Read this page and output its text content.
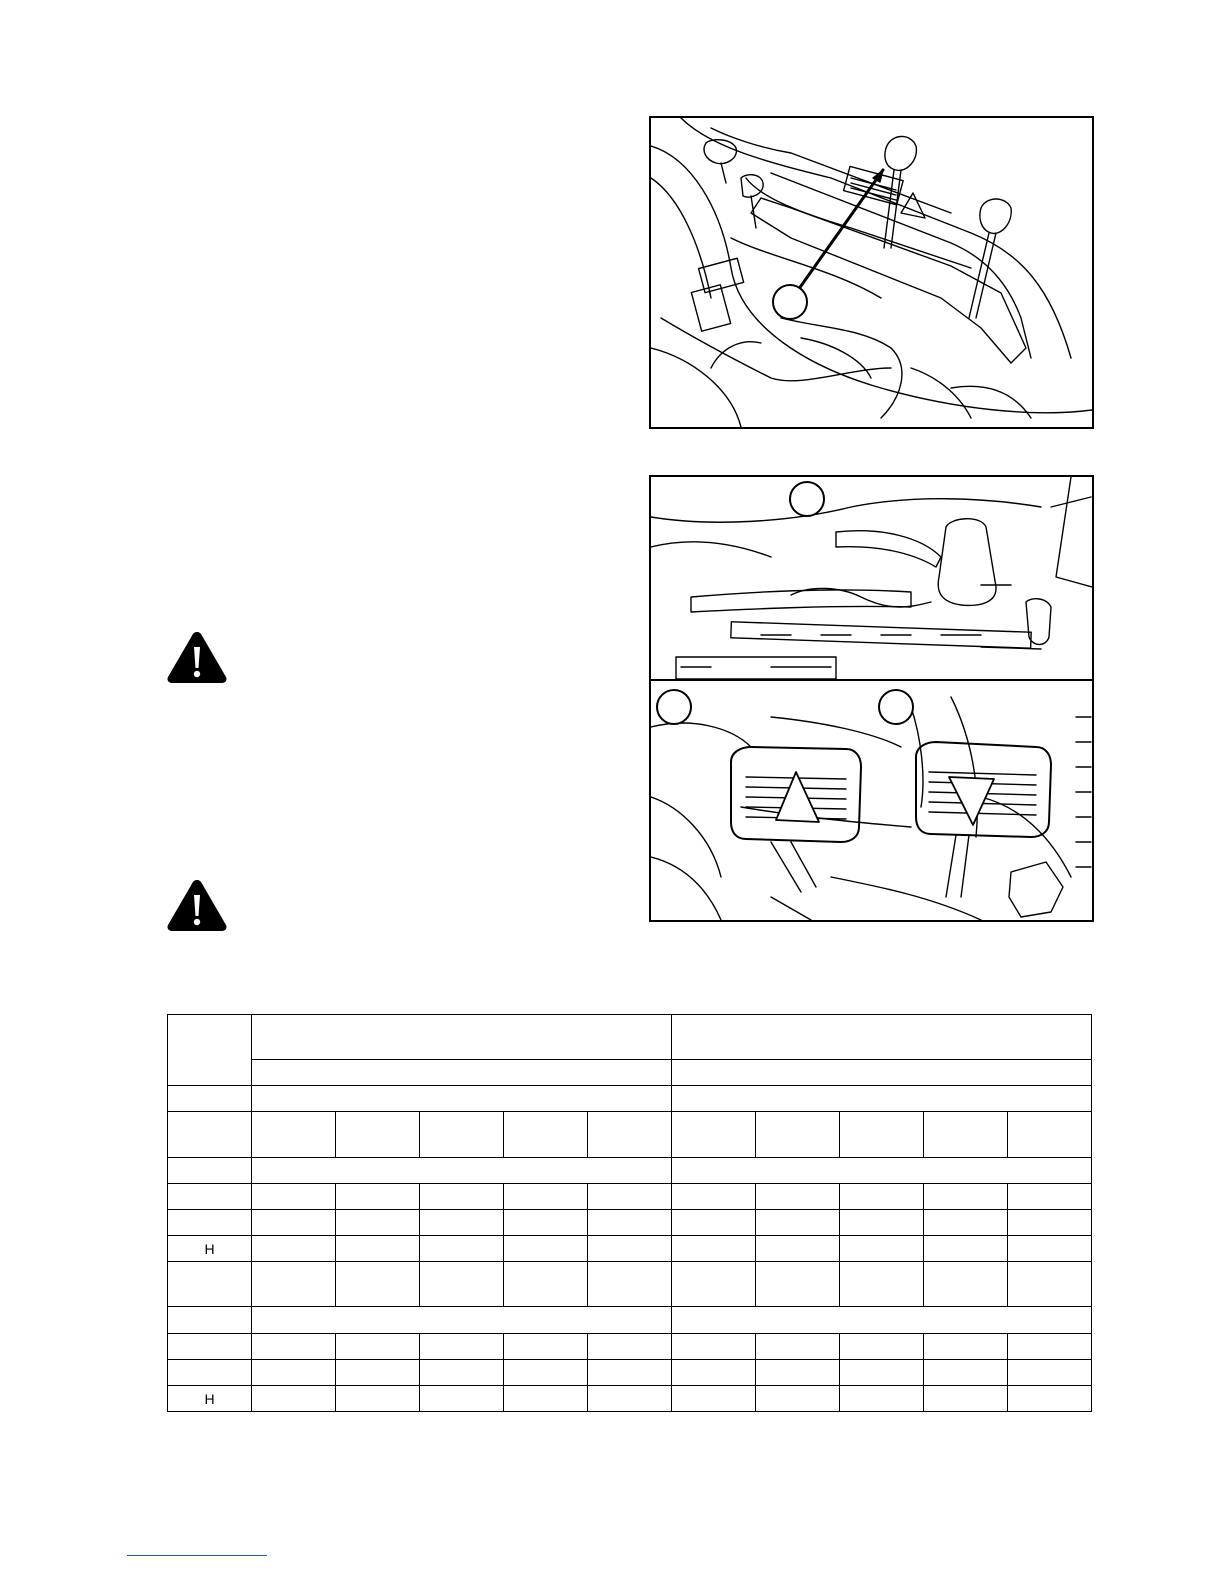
H										

H										
